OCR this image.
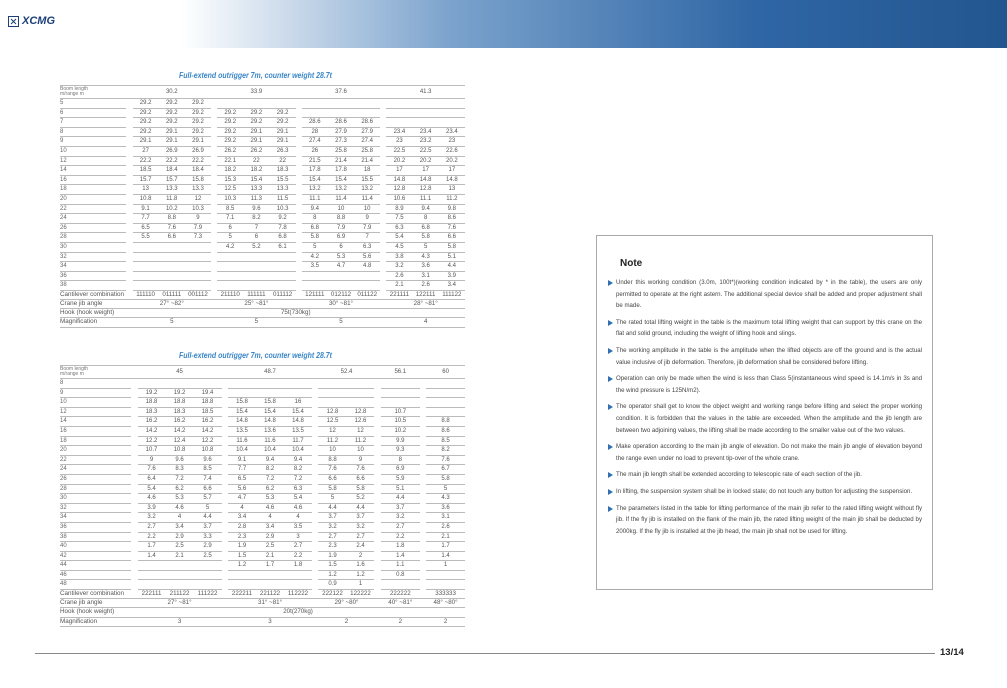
XCMG
Full-extend outrigger 7m, counter weight 28.7t
Boom length
m/range m		30.2				33.9				37.6				41.3		
5		29.2	29.2	29.2												
6		29.2	29.2	29.2		29.2	29.2	29.2								
7		29.2	29.2	29.2		29.2	29.2	29.2		28.6	28.6	28.6				
8		29.2	29.1	29.2		29.2	29.1	29.1		28	27.9	27.9		23.4	23.4	23.4
9		29.1	29.1	29.1		29.2	29.1	29.1		27.4	27.3	27.4		23	23.2	23
10		27	26.9	26.9		26.2	26.2	26.3		26	25.8	25.8		22.5	22.5	22.6
12		22.2	22.2	22.2		22.1	22	22		21.5	21.4	21.4		20.2	20.2	20.2
14		18.5	18.4	18.4		18.2	18.2	18.3		17.8	17.8	18		17	17	17
16		15.7	15.7	15.8		15.3	15.4	15.5		15.4	15.4	15.5		14.8	14.8	14.8
18		13	13.3	13.3		12.5	13.3	13.3		13.2	13.2	13.2		12.8	12.8	13
20		10.8	11.8	12		10.3	11.3	11.5		11.1	11.4	11.4		10.6	11.1	11.2
22		9.1	10.2	10.3		8.5	9.6	10.3		9.4	10	10		8.9	9.4	9.8
24		7.7	8.8	9		7.1	8.2	9.2		8	8.8	9		7.5	8	8.6
26		6.5	7.6	7.9		6	7	7.8		6.8	7.9	7.9		6.3	6.8	7.6
28		5.5	6.6	7.3		5	6	6.8		5.8	6.9	7		5.4	5.8	6.6
30						4.2	5.2	6.1		5	6	6.3		4.5	5	5.8
32										4.2	5.3	5.6		3.8	4.3	5.1
34										3.5	4.7	4.8		3.2	3.6	4.4
36														2.6	3.1	3.9
38														2.1	2.6	3.4
Cantilever combination		111110	011111	001112		211110	111111	011112		121111	012112	011122		221111	122111	111122
Crane jib angle		27° ~82°				25° ~81°				30° ~81°				28° ~81°		
Hook (hook weight)	75t(730kg)															
Magnification		5				5				5				4		
Full-extend outrigger 7m, counter weight 28.7t
Boom length
m/range m		45				48.7				52.4			56.1		60
8															
9		19.2	19.2	19.4											
10		18.8	18.8	18.8		15.8	15.8	16							
12		18.3	18.3	18.5		15.4	15.4	15.4		12.8	12.8		10.7		
14		16.2	16.2	16.2		14.8	14.8	14.8		12.5	12.6		10.5		8.8
16		14.2	14.2	14.2		13.5	13.6	13.5		12	12		10.2		8.6
18		12.2	12.4	12.2		11.6	11.6	11.7		11.2	11.2		9.9		8.5
20		10.7	10.8	10.8		10.4	10.4	10.4		10	10		9.3		8.2
22		9	9.6	9.6		9.1	9.4	9.4		8.8	9		8		7.6
24		7.6	8.3	8.5		7.7	8.2	8.2		7.6	7.6		6.9		6.7
26		6.4	7.2	7.4		6.5	7.2	7.2		6.6	6.6		5.9		5.8
28		5.4	6.2	6.6		5.6	6.2	6.3		5.8	5.8		5.1		5
30		4.6	5.3	5.7		4.7	5.3	5.4		5	5.2		4.4		4.3
32		3.9	4.6	5		4	4.6	4.6		4.4	4.4		3.7		3.6
34		3.2	4	4.4		3.4	4	4		3.7	3.7		3.2		3.1
36		2.7	3.4	3.7		2.8	3.4	3.5		3.2	3.2		2.7		2.6
38		2.2	2.9	3.3		2.3	2.9	3		2.7	2.7		2.2		2.1
40		1.7	2.5	2.9		1.9	2.5	2.7		2.3	2.4		1.8		1.7
42		1.4	2.1	2.5		1.5	2.1	2.2		1.9	2		1.4		1.4
44						1.2	1.7	1.8		1.5	1.6		1.1		1
46										1.2	1.2		0.8		
48										0.9	1				
Cantilever combination		222111	211122	111222		222211	221122	112222		222122	122222		222222		333333
Crane jib angle		27° ~81°				31° ~81°				29° ~80°			40° ~81°		48° ~80°
Hook (hook weight)	20t(270kg)														
Magnification		3				3				2			2		2
Note
Under this working condition (3.0m, 100t*)(working condition indicated by * in the table), the users are only permitted to operate at the right astern. The additional special device shall be added and proper adjustment shall be made.
The rated total lifting weight in the table is the maximum total lifting weight that can support by this crane on the flat and solid ground, including the weight of lifting hook and slings.
The working amplitude in the table is the amplitude when the lifted objects are off the ground and is the actual value inclusive of jib deformation. Therefore, jib deformation shall be considered before lifting.
Operation can only be made when the wind is less than Class 5(instantaneous wind speed is 14.1m/s in 3s and the wind pressure is 125N/m2).
The operator shall get to know the object weight and working range before lifting and select the proper working condition. It is forbidden that the values in the table are exceeded. When the amplitude and the jib length are between two adjoining values, the lifting shall be made according to the smaller value out of the two values.
Make operation according to the main jib angle of elevation. Do not make the main jib angle of elevation beyond the range even under no load to prevent tip-over of the whole crane.
The main jib length shall be extended according to telescopic rate of each section of the jib.
In lifting, the suspension system shall be in locked state; do not touch any button for adjusting the suspension.
The parameters listed in the table for lifting performance of the main jib refer to the rated lifting weight without fly jib. If the fly jib is installed on the flank of the main jib, the rated lifting weight of the main jib shall be deducted by 2000kg. If the fly jib is installed at the jib head, the main jib shall not be used for lifting.
13/14
